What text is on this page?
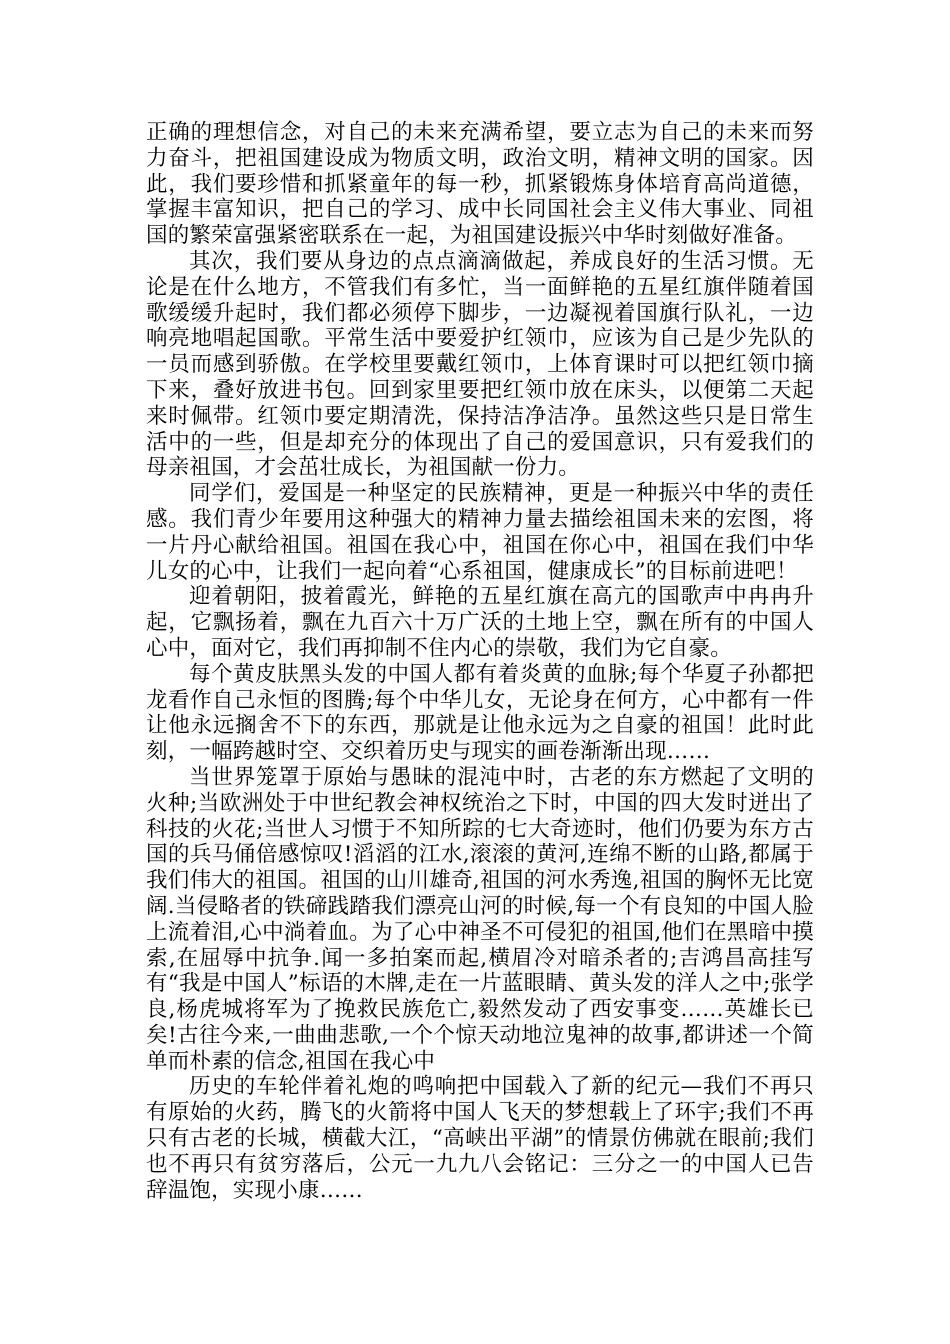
正确的理想信念，对自己的未来充满希望，要立志为自己的未来而努力奋斗，把祖国建设成为物质文明，政治文明，精神文明的国家。因此，我们要珍惜和抓紧童年的每一秒，抓紧锻炼身体培育高尚道德，掌握丰富知识，把自己的学习、成中长同国社会主义伟大事业、同祖国的繁荣富强紧密联系在一起，为祖国建设振兴中华时刻做好准备。

其次，我们要从身边的点点滴滴做起，养成良好的生活习惯。无论是在什么地方，不管我们有多忙，当一面鲜艳的五星红旗伴随着国歌缓缓升起时，我们都必须停下脚步，一边凝视着国旗行队礼，一边响亮地唱起国歌。平常生活中要爱护红领巾，应该为自己是少先队的一员而感到骄傲。在学校里要戴红领巾，上体育课时可以把红领巾摘下来，叠好放进书包。回到家里要把红领巾放在床头，以便第二天起来时佩带。红领巾要定期清洗，保持洁净洁净。虽然这些只是日常生活中的一些，但是却充分的体现出了自己的爱国意识，只有爱我们的母亲祖国，才会茁壮成长，为祖国献一份力。

同学们，爱国是一种坚定的民族精神，更是一种振兴中华的责任感。我们青少年要用这种强大的精神力量去描绘祖国未来的宏图，将一片丹心献给祖国。祖国在我心中，祖国在你心中，祖国在我们中华儿女的心中，让我们一起向着“心系祖国，健康成长”的目标前进吧！

迎着朝阳，披着霞光，鲜艳的五星红旗在高亢的国歌声中冉冉升起，它飘扬着，飘在九百六十万广沃的土地上空，飘在所有的中国人心中，面对它，我们再抑制不住内心的崇敬，我们为它自豪。

每个黄皮肤黑头发的中国人都有着炎黄的血脉;每个华夏子孙都把龙看作自己永恒的图腾;每个中华儿女，无论身在何方，心中都有一件让他永远搁舍不下的东西，那就是让他永远为之自豪的祖国！此时此刻，一幅跨越时空、交织着历史与现实的画卷渐渐出现……

当世界笼罩于原始与愚昧的混沌中时，古老的东方燃起了文明的火种;当欧洲处于中世纪教会神权统治之下时，中国的四大发时迸出了科技的火花;当世人习惯于不知所踪的七大奇迹时，他们仍要为东方古国的兵马俑倍感惊叹!滔滔的江水,滚滚的黄河,连绵不断的山路,都属于我们伟大的祖国。祖国的山川雄奇,祖国的河水秀逸,祖国的胸怀无比宽阔.当侵略者的铁碲践踏我们漂亮山河的时候,每一个有良知的中国人脸上流着泪,心中淌着血。为了心中神圣不可侵犯的祖国,他们在黑暗中摸索,在屈辱中抗争.闻一多拍案而起,横眉冷对暗杀者的;吉鸿昌高挂写有“我是中国人”标语的木牌,走在一片蓝眼睛、黄头发的洋人之中;张学良,杨虎城将军为了挽救民族危亡,毅然发动了西安事变……英雄长已矣!古往今来,一曲曲悲歌,一个个惊天动地泣鬼神的故事,都讲述一个简单而朴素的信念,祖国在我心中

历史的车轮伴着礼炮的鸣响把中国载入了新的纪元—我们不再只有原始的火药，腾飞的火箭将中国人飞天的梦想载上了环宇;我们不再只有古老的长城，横截大江，“高峡出平湖”的情景仿佛就在眼前;我们也不再只有贫穷落后，公元一九九八会铭记：三分之一的中国人已告辞温饱，实现小康……
